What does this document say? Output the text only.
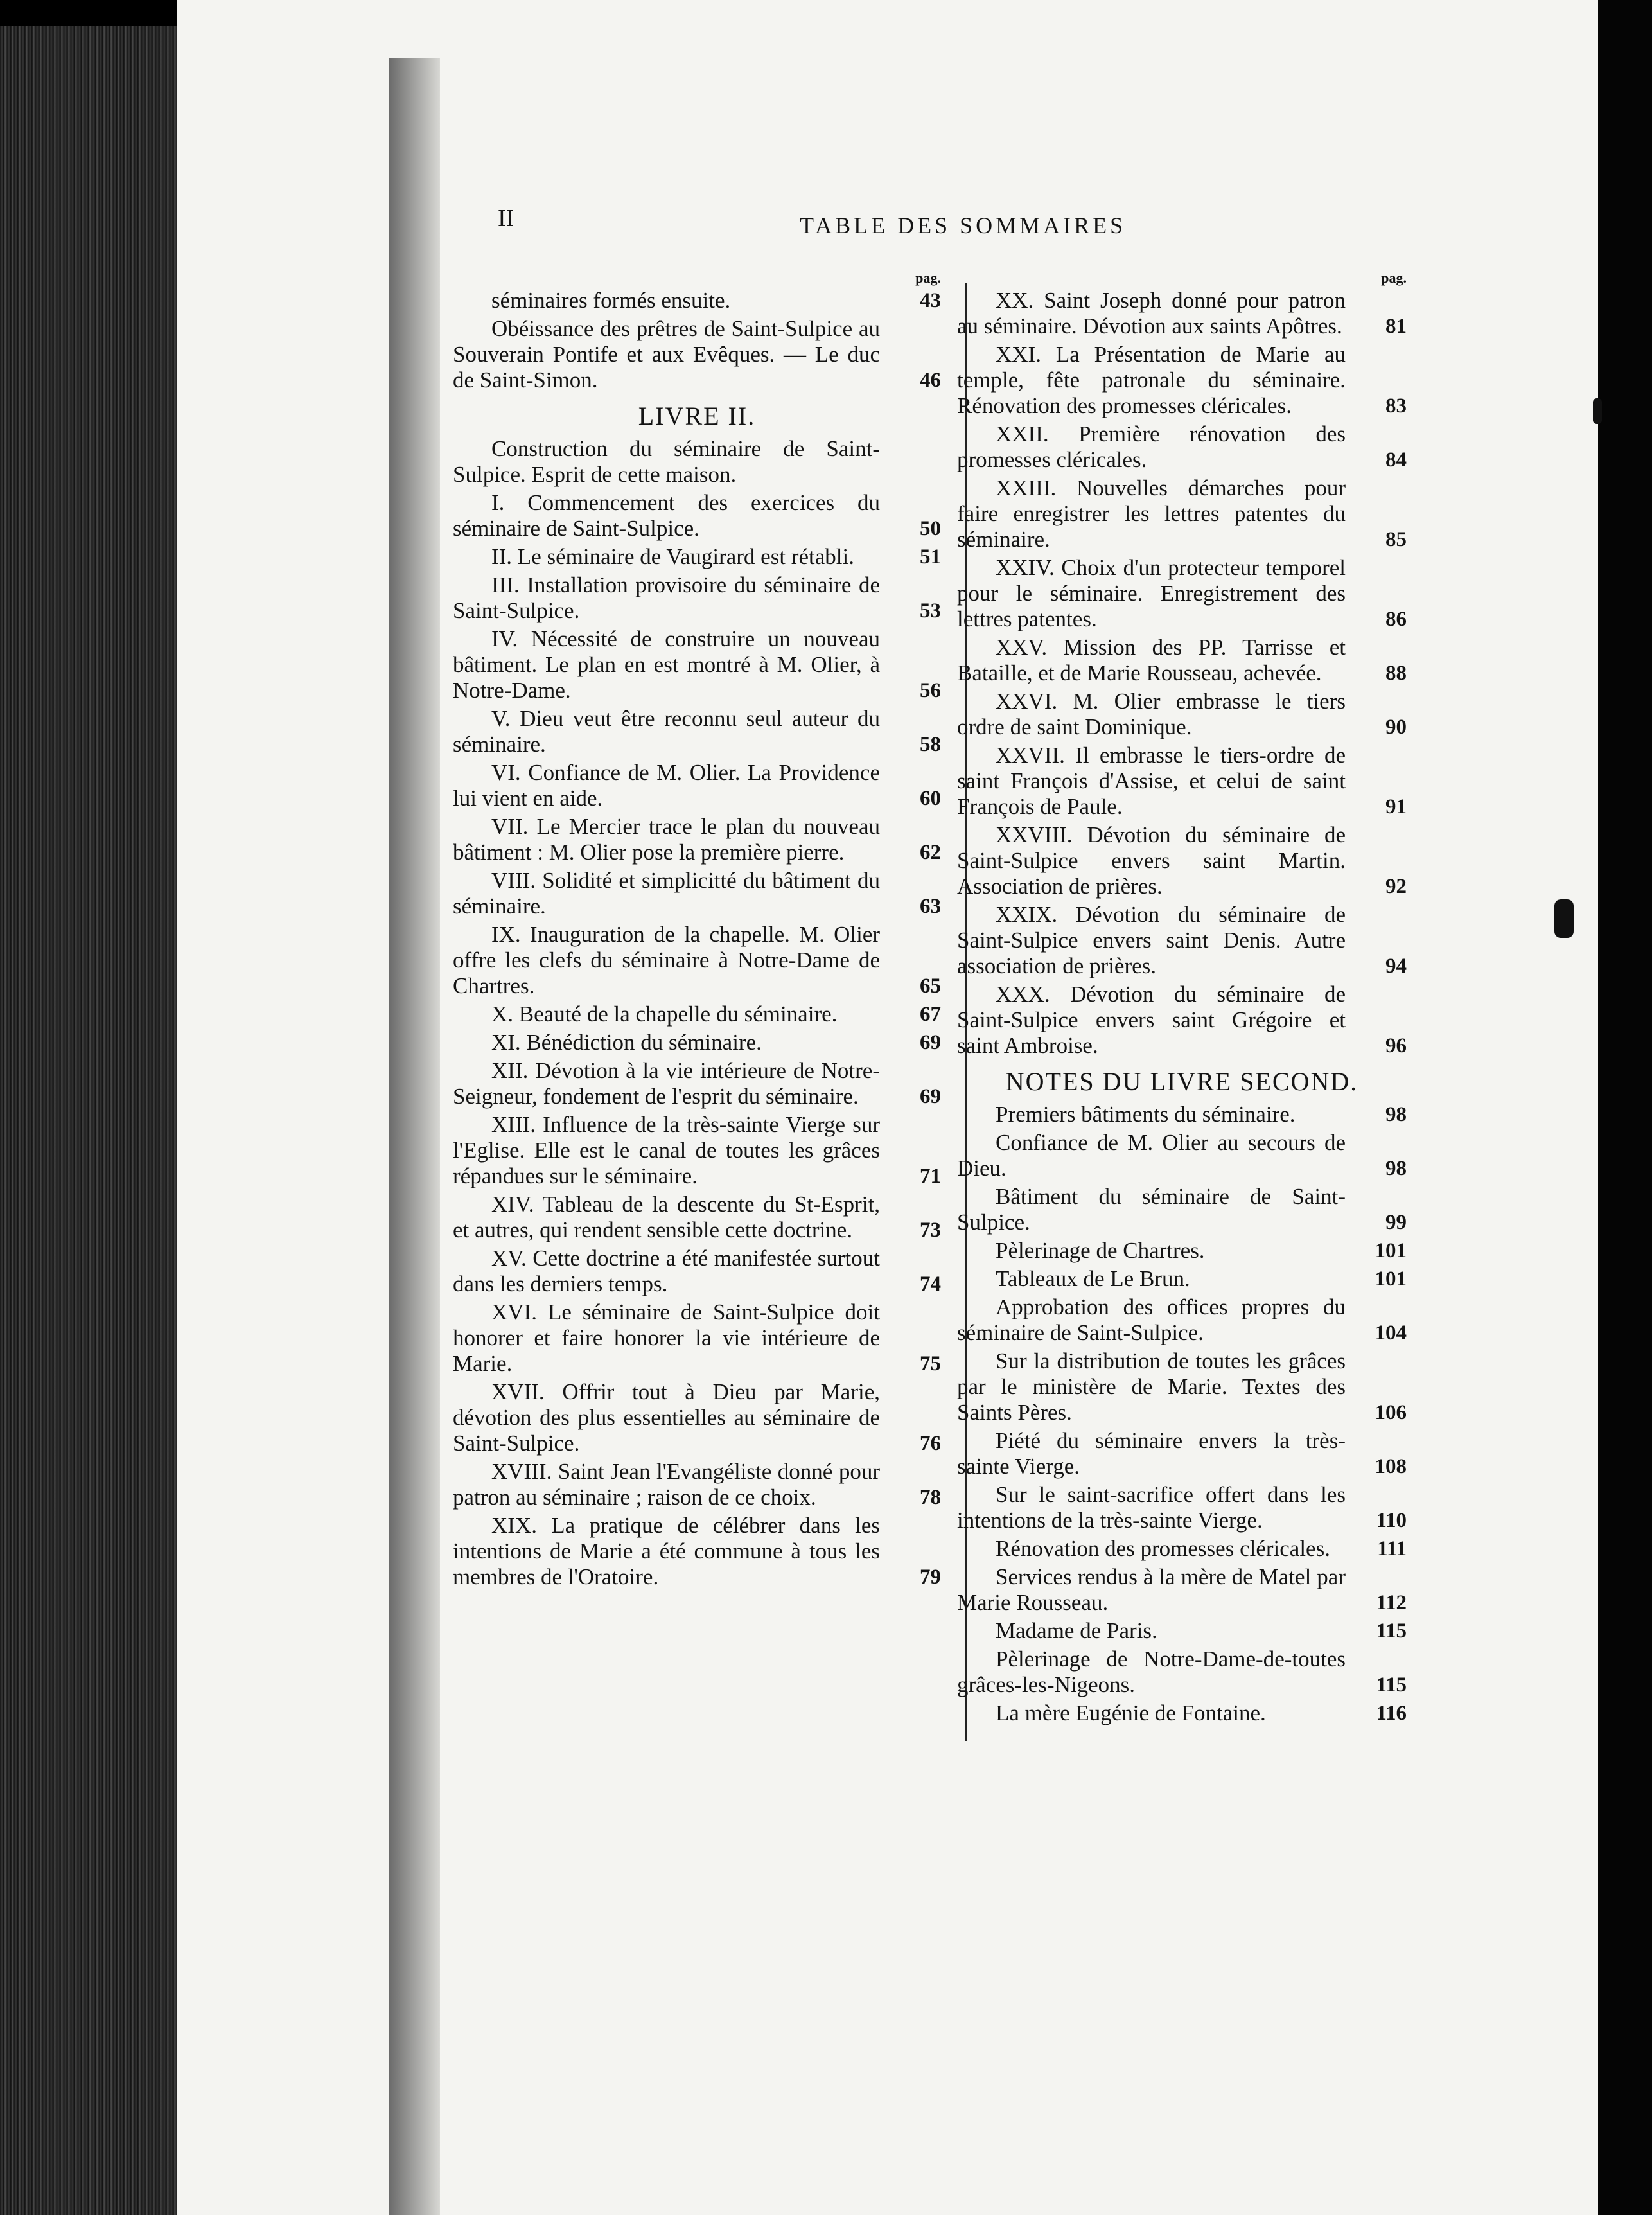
II	TABLE DES SOMMAIRES
pag.
séminaires formés ensuite.	43
Obéissance des prêtres de Saint-Sulpice au Souverain Pontife et aux Evêques. — Le duc de Saint-Simon.	46
LIVRE II.
Construction du séminaire de Saint-Sulpice. Esprit de cette maison.
I. Commencement des exercices du séminaire de Saint-Sulpice.	50
II. Le séminaire de Vaugirard est rétabli.	51
III. Installation provisoire du séminaire de Saint-Sulpice.	53
IV. Nécessité de construire un nouveau bâtiment. Le plan en est montré à M. Olier, à Notre-Dame.	56
V. Dieu veut être reconnu seul auteur du séminaire.	58
VI. Confiance de M. Olier. La Providence lui vient en aide.	60
VII. Le Mercier trace le plan du nouveau bâtiment : M. Olier pose la première pierre.	62
VIII. Solidité et simplicitté du bâtiment du séminaire.	63
IX. Inauguration de la chapelle. M. Olier offre les clefs du séminaire à Notre-Dame de Chartres.	65
X. Beauté de la chapelle du séminaire.	67
XI. Bénédiction du séminaire.	69
XII. Dévotion à la vie intérieure de Notre-Seigneur, fondement de l'esprit du séminaire.	69
XIII. Influence de la très-sainte Vierge sur l'Eglise. Elle est le canal de toutes les grâces répandues sur le séminaire.	71
XIV. Tableau de la descente du St-Esprit, et autres, qui rendent sensible cette doctrine.	73
XV. Cette doctrine a été manifestée surtout dans les derniers temps.	74
XVI. Le séminaire de Saint-Sulpice doit honorer et faire honorer la vie intérieure de Marie.	75
XVII. Offrir tout à Dieu par Marie, dévotion des plus essentielles au séminaire de Saint-Sulpice.	76
XVIII. Saint Jean l'Evangéliste donné pour patron au séminaire ; raison de ce choix.	78
XIX. La pratique de célébrer dans les intentions de Marie a été commune à tous les membres de l'Oratoire.	79
pag.
XX. Saint Joseph donné pour patron au séminaire. Dévotion aux saints Apôtres.	81
XXI. La Présentation de Marie au temple, fête patronale du séminaire. Rénovation des promesses cléricales.	83
XXII. Première rénovation des promesses cléricales.	84
XXIII. Nouvelles démarches pour faire enregistrer les lettres patentes du séminaire.	85
XXIV. Choix d'un protecteur temporel pour le séminaire. Enregistrement des lettres patentes.	86
XXV. Mission des PP. Tarrisse et Bataille, et de Marie Rousseau, achevée.	88
XXVI. M. Olier embrasse le tiers ordre de saint Dominique.	90
XXVII. Il embrasse le tiers-ordre de saint François d'Assise, et celui de saint François de Paule.	91
XXVIII. Dévotion du séminaire de Saint-Sulpice envers saint Martin. Association de prières.	92
XXIX. Dévotion du séminaire de Saint-Sulpice envers saint Denis. Autre association de prières.	94
XXX. Dévotion du séminaire de Saint-Sulpice envers saint Grégoire et saint Ambroise.	96
NOTES DU LIVRE SECOND.
Premiers bâtiments du séminaire.	98
Confiance de M. Olier au secours de Dieu.	98
Bâtiment du séminaire de Saint-Sulpice.	99
Pèlerinage de Chartres.	101
Tableaux de Le Brun.	101
Approbation des offices propres du séminaire de Saint-Sulpice.	104
Sur la distribution de toutes les grâces par le ministère de Marie. Textes des Saints Pères.	106
Piété du séminaire envers la très-sainte Vierge.	108
Sur le saint-sacrifice offert dans les intentions de la très-sainte Vierge.	110
Rénovation des promesses cléricales.	111
Services rendus à la mère de Matel par Marie Rousseau.	112
Madame de Paris.	115
Pèlerinage de Notre-Dame-de-toutes grâces-les-Nigeons.	115
La mère Eugénie de Fontaine.	116
